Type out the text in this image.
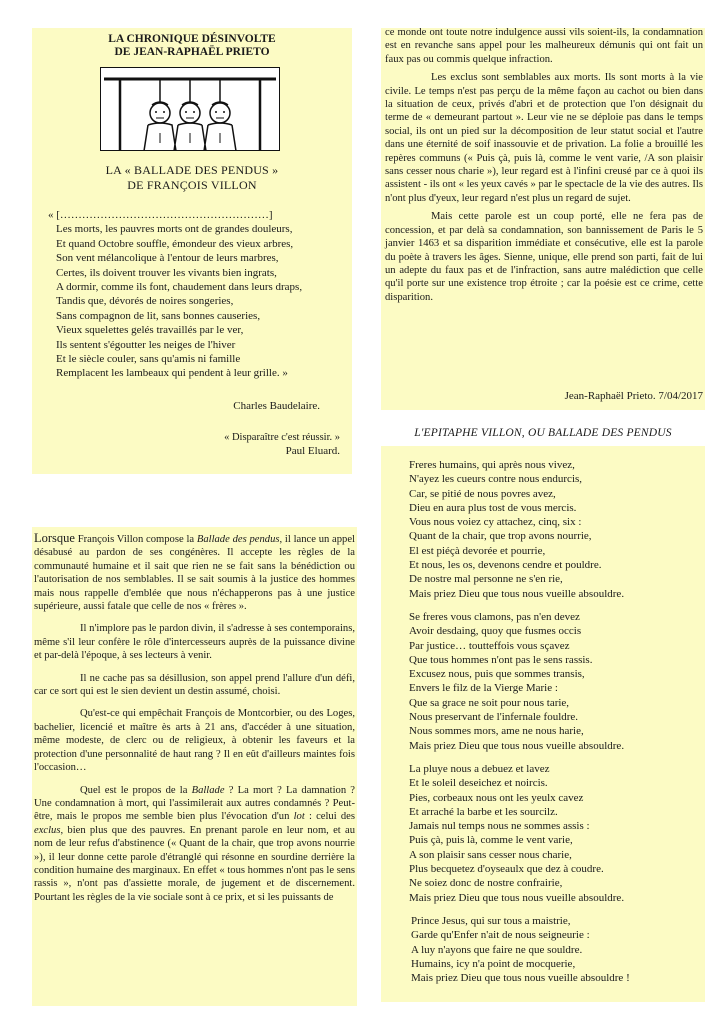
LA CHRONIQUE DÉSINVOLTE
DE JEAN-RAPHAËL PRIETO
LA « BALLADE DES PENDUS »
DE FRANÇOIS VILLON
« […………………………………………………]
Les morts, les pauvres morts ont de grandes douleurs,
Et quand Octobre souffle, émondeur des vieux arbres,
Son vent mélancolique à l'entour de leurs marbres,
Certes, ils doivent trouver les vivants bien ingrats,
A dormir, comme ils font, chaudement dans leurs draps,
Tandis que, dévorés de noires songeries,
Sans compagnon de lit, sans bonnes causeries,
Vieux squelettes gelés travaillés par le ver,
Ils sentent s'égoutter les neiges de l'hiver
Et le siècle couler, sans qu'amis ni famille
Remplacent les lambeaux qui pendent à leur grille. »
Charles Baudelaire.
« Disparaître c'est réussir. »
Paul Eluard.

Lorsque François Villon compose la Ballade des pendus, il lance un appel désabusé au pardon de ses congénères. Il accepte les règles de la communauté humaine et il sait que rien ne se fait sans la bénédiction ou l'autorisation de nos semblables. Il se sait soumis à la justice des hommes mais nous rappelle d'emblée que nous n'échapperons pas à une justice supérieure, aussi fatale que celle de nos « frères ».

Il n'implore pas le pardon divin, il s'adresse à ses contemporains, même s'il leur confère le rôle d'intercesseurs auprès de la puissance divine et par-delà l'époque, à ses lecteurs à venir.

Il ne cache pas sa désillusion, son appel prend l'allure d'un défi, car ce sort qui est le sien devient un destin assumé, choisi.

Qu'est-ce qui empêchait François de Montcorbier, ou des Loges, bachelier, licencié et maître ès arts à 21 ans, d'accéder à une situation, même modeste, de clerc ou de religieux, à obtenir les faveurs et la protection d'une personnalité de haut rang ? Il en eût d'ailleurs maintes fois l'occasion…

Quel est le propos de la Ballade ? La mort ? La damnation ? Une condamnation à mort, qui l'assimilerait aux autres condamnés ? Peut-être, mais le propos me semble bien plus l'évocation d'un lot : celui des exclus, bien plus que des pauvres. En prenant parole en leur nom, et au nom de leur refus d'abstinence (« Quant de la chair, que trop avons nourrie »), il leur donne cette parole d'étranglé qui résonne en sourdine derrière la condition humaine des marginaux. En effet « tous hommes n'ont pas le sens rassis », n'ont pas d'assiette morale, de jugement et de discernement. Pourtant les règles de la vie sociale sont à ce prix, et si les puissants de

ce monde ont toute notre indulgence aussi vils soient-ils, la condamnation est en revanche sans appel pour les malheureux démunis qui ont fait un faux pas ou commis quelque infraction.

Les exclus sont semblables aux morts. Ils sont morts à la vie civile. Le temps n'est pas perçu de la même façon au cachot ou bien dans la situation de ceux, privés d'abri et de protection que l'on désignait du terme de « demeurant partout ». Leur vie ne se déploie pas dans le temps social, ils ont un pied sur la décomposition de leur statut social et l'autre dans une éternité de soif inassouvie et de privation. La folie a brouillé les repères communs (« Puis çà, puis là, comme le vent varie, /A son plaisir sans cesser nous charie »), leur regard est à l'infini creusé par ce à quoi ils assistent - ils ont « les yeux cavés » par le spectacle de la vie des autres. Ils n'ont plus d'yeux, leur regard n'est plus un regard de sujet.

Mais cette parole est un coup porté, elle ne fera pas de concession, et par delà sa condamnation, son bannissement de Paris le 5 janvier 1463 et sa disparition immédiate et consécutive, elle est la parole du poète à travers les âges. Sienne, unique, elle prend son parti, fait de lui un adepte du faux pas et de l'infraction, sans autre malédiction que celle qu'il porte sur une existence trop étroite ; car la poésie est ce crime, cette disparition.

Jean-Raphaël Prieto. 7/04/2017
L'EPITAPHE VILLON, OU BALLADE DES PENDUS
Freres humains, qui après nous vivez,
N'ayez les cueurs contre nous endurcis,
Car, se pitié de nous povres avez,
Dieu en aura plus tost de vous mercis.
Vous nous voiez cy attachez, cinq, six :
Quant de la chair, que trop avons nourrie,
El est piéçà devorée et pourrie,
Et nous, les os, devenons cendre et pouldre.
De nostre mal personne ne s'en rie,
Mais priez Dieu que tous nous vueille absouldre.
Se freres vous clamons, pas n'en devez
Avoir desdaing, quoy que fusmes occis
Par justice… toutteffois vous sçavez
Que tous hommes n'ont pas le sens rassis.
Excusez nous, puis que sommes transis,
Envers le filz de la Vierge Marie :
Que sa grace ne soit pour nous tarie,
Nous preservant de l'infernale fouldre.
Nous sommes mors, ame ne nous harie,
Mais priez Dieu que tous nous vueille absouldre.
La pluye nous a debuez et lavez
Et le soleil deseichez et noircis.
Pies, corbeaux nous ont les yeulx cavez
Et arraché la barbe et les sourcilz.
Jamais nul temps nous ne sommes assis :
Puis çà, puis là, comme le vent varie,
A son plaisir sans cesser nous charie,
Plus becquetez d'oyseaulx que dez à coudre.
Ne soiez donc de nostre confrairie,
Mais priez Dieu que tous nous vueille absouldre.
Prince Jesus, qui sur tous a maistrie,
Garde qu'Enfer n'ait de nous seigneurie :
A luy n'ayons que faire ne que souldre.
Humains, icy n'a point de mocquerie,
Mais priez Dieu que tous nous vueille absouldre !
